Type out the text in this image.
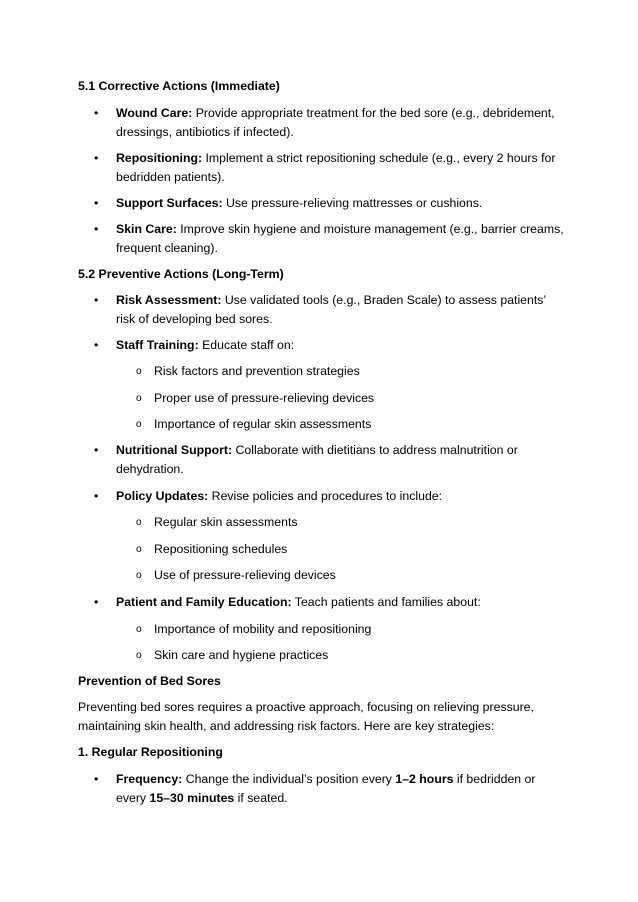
5.1 Corrective Actions (Immediate)
•	Wound Care: Provide appropriate treatment for the bed sore (e.g., debridement, dressings, antibiotics if infected).
•	Repositioning: Implement a strict repositioning schedule (e.g., every 2 hours for bedridden patients).
•	Support Surfaces: Use pressure-relieving mattresses or cushions.
•	Skin Care: Improve skin hygiene and moisture management (e.g., barrier creams, frequent cleaning).
5.2 Preventive Actions (Long-Term)
•	Risk Assessment: Use validated tools (e.g., Braden Scale) to assess patients’ risk of developing bed sores.
•	Staff Training: Educate staff on:
o Risk factors and prevention strategies
o Proper use of pressure-relieving devices
o Importance of regular skin assessments
•	Nutritional Support: Collaborate with dietitians to address malnutrition or dehydration.
•	Policy Updates: Revise policies and procedures to include:
o Regular skin assessments
o Repositioning schedules
o Use of pressure-relieving devices
•	Patient and Family Education: Teach patients and families about:
o Importance of mobility and repositioning
o Skin care and hygiene practices
Prevention of Bed Sores

Preventing bed sores requires a proactive approach, focusing on relieving pressure, maintaining skin health, and addressing risk factors. Here are key strategies:

1. Regular Repositioning
•	Frequency: Change the individual’s position every 1–2 hours if bedridden or every 15–30 minutes if seated.
